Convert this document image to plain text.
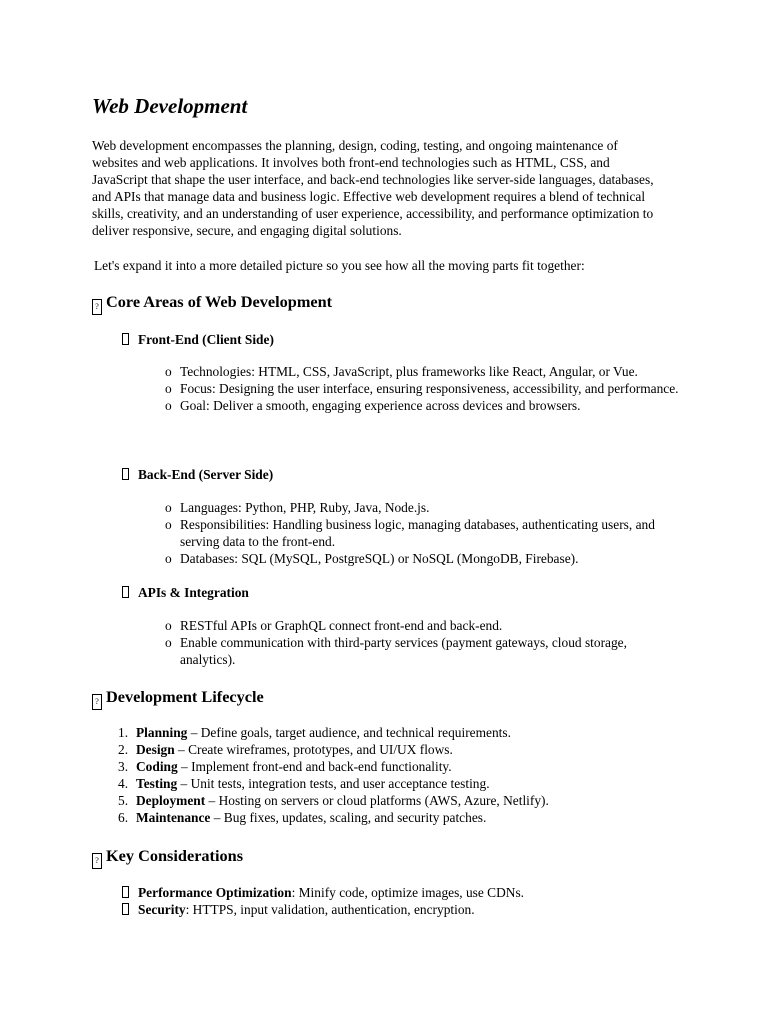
Web Development

Web development encompasses the planning, design, coding, testing, and ongoing maintenance of websites and web applications. It involves both front-end technologies such as HTML, CSS, and JavaScript that shape the user interface, and back-end technologies like server-side languages, databases, and APIs that manage data and business logic. Effective web development requires a blend of technical skills, creativity, and an understanding of user experience, accessibility, and performance optimization to deliver responsive, secure, and engaging digital solutions.

Let's expand it into a more detailed picture so you see how all the moving parts fit together:

? Core Areas of Web Development
Front-End (Client Side)
o Technologies: HTML, CSS, JavaScript, plus frameworks like React, Angular, or Vue.
o Focus: Designing the user interface, ensuring responsiveness, accessibility, and performance.
o Goal: Deliver a smooth, engaging experience across devices and browsers.
Back-End (Server Side)
o Languages: Python, PHP, Ruby, Java, Node.js.
o Responsibilities: Handling business logic, managing databases, authenticating users, and serving data to the front-end.
o Databases: SQL (MySQL, PostgreSQL) or NoSQL (MongoDB, Firebase).
APIs & Integration
o RESTful APIs or GraphQL connect front-end and back-end.
o Enable communication with third-party services (payment gateways, cloud storage, analytics).
? Development Lifecycle
1. Planning – Define goals, target audience, and technical requirements.
2. Design – Create wireframes, prototypes, and UI/UX flows.
3. Coding – Implement front-end and back-end functionality.
4. Testing – Unit tests, integration tests, and user acceptance testing.
5. Deployment – Hosting on servers or cloud platforms (AWS, Azure, Netlify).
6. Maintenance – Bug fixes, updates, scaling, and security patches.
? Key Considerations
Performance Optimization: Minify code, optimize images, use CDNs.
Security: HTTPS, input validation, authentication, encryption.
